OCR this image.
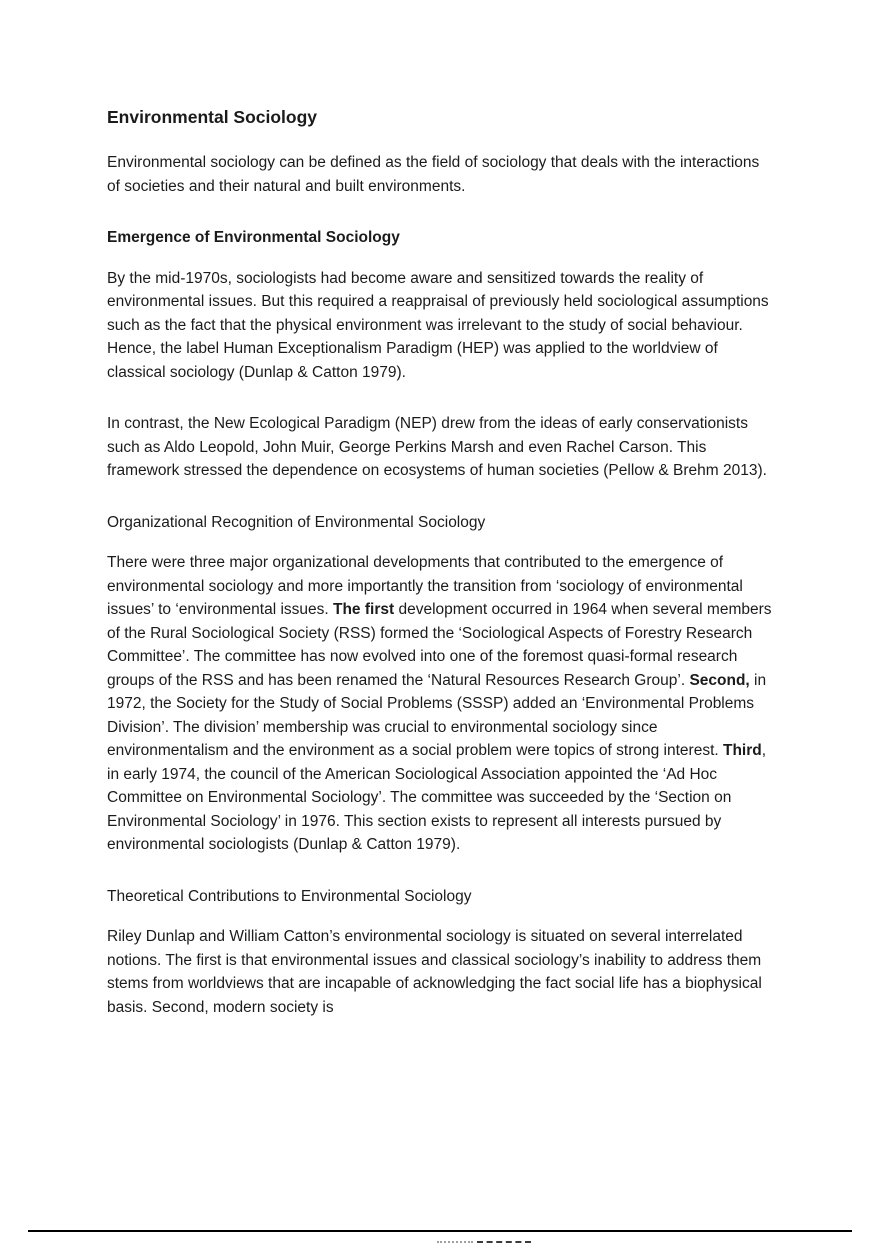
Environmental Sociology

Environmental sociology can be defined as the field of sociology that deals with the interactions of societies and their natural and built environments.

Emergence of Environmental Sociology

By the mid-1970s, sociologists had become aware and sensitized towards the reality of environmental issues. But this required a reappraisal of previously held sociological assumptions such as the fact that the physical environment was irrelevant to the study of social behaviour. Hence, the label Human Exceptionalism Paradigm (HEP) was applied to the worldview of classical sociology (Dunlap & Catton 1979).

In contrast, the New Ecological Paradigm (NEP) drew from the ideas of early conservationists such as Aldo Leopold, John Muir, George Perkins Marsh and even Rachel Carson. This framework stressed the dependence on ecosystems of human societies (Pellow & Brehm 2013).

Organizational Recognition of Environmental Sociology

There were three major organizational developments that contributed to the emergence of environmental sociology and more importantly the transition from ‘sociology of environmental issues’ to ‘environmental issues. The first development occurred in 1964 when several members of the Rural Sociological Society (RSS) formed the ‘Sociological Aspects of Forestry Research Committee’. The committee has now evolved into one of the foremost quasi-formal research groups of the RSS and has been renamed the ‘Natural Resources Research Group’. Second, in 1972, the Society for the Study of Social Problems (SSSP) added an ‘Environmental Problems Division’. The division’ membership was crucial to environmental sociology since environmentalism and the environment as a social problem were topics of strong interest. Third, in early 1974, the council of the American Sociological Association appointed the ‘Ad Hoc Committee on Environmental Sociology’. The committee was succeeded by the ‘Section on Environmental Sociology’ in 1976. This section exists to represent all interests pursued by environmental sociologists (Dunlap & Catton 1979).

Theoretical Contributions to Environmental Sociology

Riley Dunlap and William Catton’s environmental sociology is situated on several interrelated notions. The first is that environmental issues and classical sociology’s inability to address them stems from worldviews that are incapable of acknowledging the fact social life has a biophysical basis. Second, modern society is
